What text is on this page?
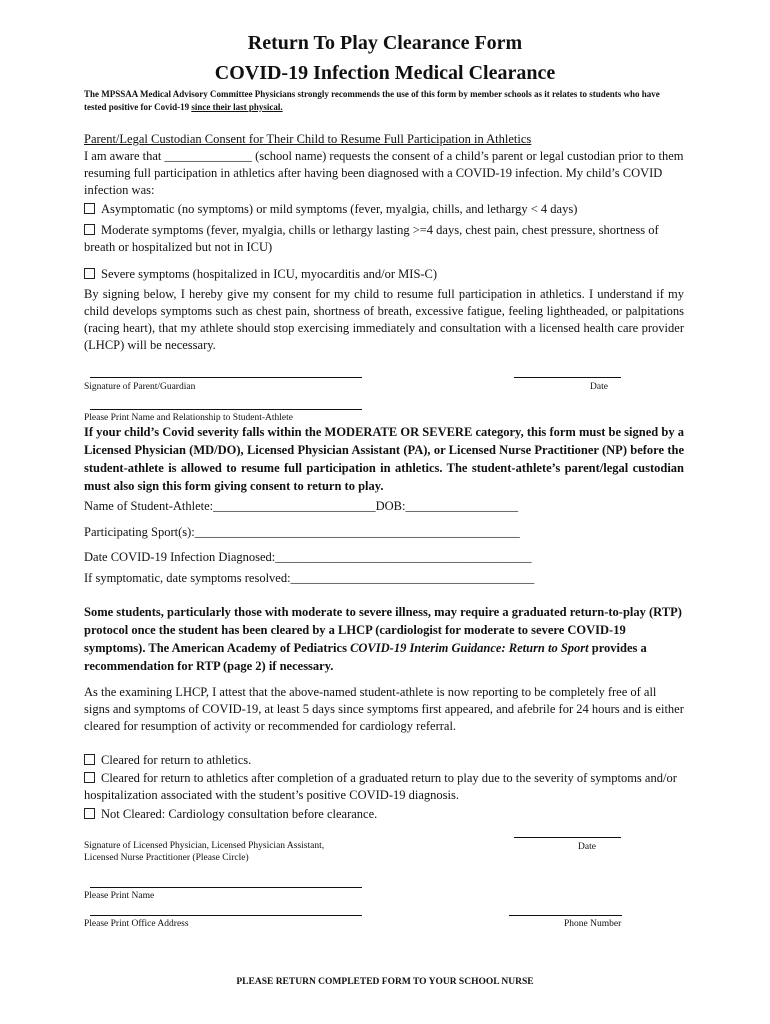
Return To Play Clearance Form
COVID-19 Infection Medical Clearance
The MPSSAA Medical Advisory Committee Physicians strongly recommends the use of this form by member schools as it relates to students who have tested positive for Covid-19 since their last physical.
Parent/Legal Custodian Consent for Their Child to Resume Full Participation in Athletics
I am aware that ______________ (school name) requests the consent of a child’s parent or legal custodian prior to them resuming full participation in athletics after having been diagnosed with a COVID-19 infection. My child’s COVID infection was:
Asymptomatic (no symptoms) or mild symptoms (fever, myalgia, chills, and lethargy < 4 days)
Moderate symptoms (fever, myalgia, chills or lethargy lasting >=4 days, chest pain, chest pressure, shortness of breath or hospitalized but not in ICU)
Severe symptoms (hospitalized in ICU, myocarditis and/or MIS-C)
By signing below, I hereby give my consent for my child to resume full participation in athletics. I understand if my child develops symptoms such as chest pain, shortness of breath, excessive fatigue, feeling lightheaded, or palpitations (racing heart), that my athlete should stop exercising immediately and consultation with a licensed health care provider (LHCP) will be necessary.
Signature of Parent/Guardian	Date
Please Print Name and Relationship to Student-Athlete
If your child’s Covid severity falls within the MODERATE OR SEVERE category, this form must be signed by a Licensed Physician (MD/DO), Licensed Physician Assistant (PA), or Licensed Nurse Practitioner (NP) before the student-athlete is allowed to resume full participation in athletics. The student-athlete’s parent/legal custodian must also sign this form giving consent to return to play.
Name of Student-Athlete:__________________________DOB:__________________
Participating Sport(s):____________________________________________________
Date COVID-19 Infection Diagnosed:_________________________________________
If symptomatic, date symptoms resolved:_______________________________________
Some students, particularly those with moderate to severe illness, may require a graduated return-to-play (RTP) protocol once the student has been cleared by a LHCP (cardiologist for moderate to severe COVID-19 symptoms). The American Academy of Pediatrics COVID-19 Interim Guidance: Return to Sport provides a recommendation for RTP (page 2) if necessary.
As the examining LHCP, I attest that the above-named student-athlete is now reporting to be completely free of all signs and symptoms of COVID-19, at least 5 days since symptoms first appeared, and afebrile for 24 hours and is either cleared for resumption of activity or recommended for cardiology referral.
Cleared for return to athletics.
Cleared for return to athletics after completion of a graduated return to play due to the severity of symptoms and/or hospitalization associated with the student’s positive COVID-19 diagnosis.
Not Cleared: Cardiology consultation before clearance.
Signature of Licensed Physician, Licensed Physician Assistant,
Licensed Nurse Practitioner (Please Circle)
Date
Please Print Name
Please Print Office Address	Phone Number
PLEASE RETURN COMPLETED FORM TO YOUR SCHOOL NURSE
